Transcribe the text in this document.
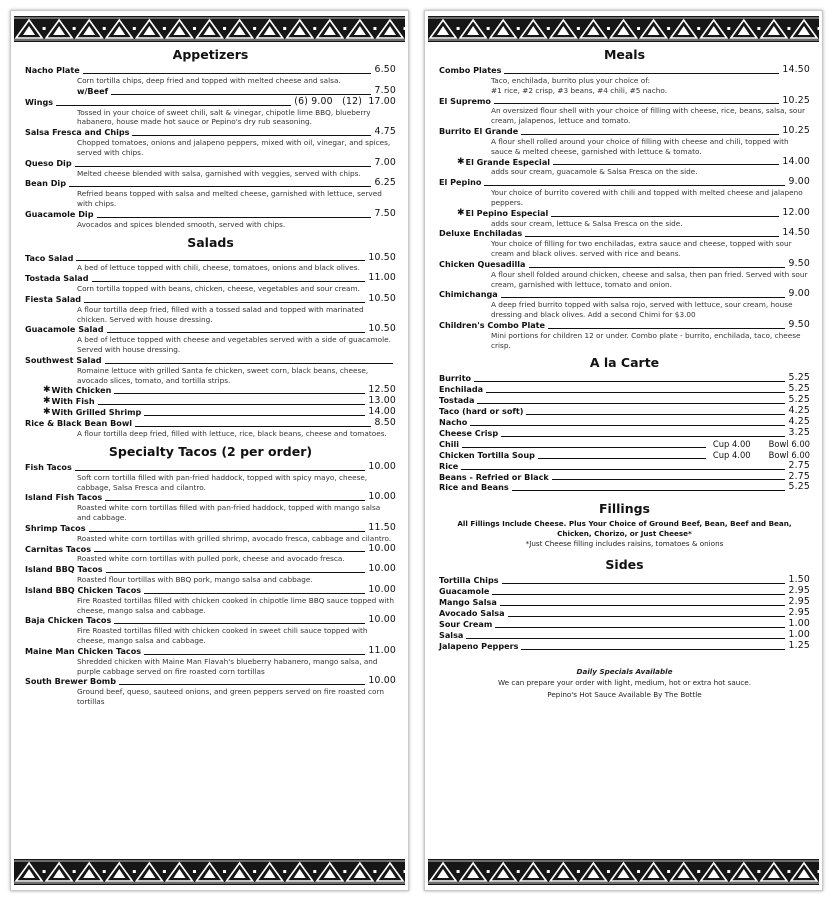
Appetizers
Nacho Plate	6.50
Corn tortilla chips, deep fried and topped with melted cheese and salsa.
w/Beef	7.50
Wings	(6) 9.00   (12)  17.00
Tossed in your choice of sweet chili, salt & vinegar, chipotle lime BBQ, blueberry habanero, house made hot sauce or Pepino's dry rub seasoning.
Salsa Fresca and Chips	4.75
Chopped tomatoes, onions and jalapeno peppers, mixed with oil, vinegar, and spices, served with chips.
Queso Dip	7.00
Melted cheese blended with salsa, garnished with veggies, served with chips.
Bean Dip	6.25
Refried beans topped with salsa and melted cheese, garnished with lettuce, served with chips.
Guacamole Dip	7.50
Avocados and spices blended smooth, served with chips.
Salads
Taco Salad	10.50
A bed of lettuce topped with chili, cheese, tomatoes, onions and black olives.
Tostada Salad	11.00
Corn tortilla topped with beans, chicken, cheese, vegetables and sour cream.
Fiesta Salad	10.50
A flour tortilla deep fried, filled with a tossed salad and topped with marinated chicken. Served with house dressing.
Guacamole Salad	10.50
A bed of lettuce topped with cheese and vegetables served with a side of guacamole. Served with house dressing.
Southwest Salad
Romaine lettuce with grilled Santa fe chicken, sweet corn, black beans, cheese, avocado slices, tomato, and tortilla strips.
✱ With Chicken	12.50
✱ With Fish	13.00
✱ With Grilled Shrimp	14.00
Rice & Black Bean Bowl	8.50
A flour tortilla deep fried, filled with lettuce, rice, black beans, cheese and tomatoes.
Specialty Tacos (2 per order)
Fish Tacos	10.00
Soft corn tortilla filled with pan-fried haddock, topped with spicy mayo, cheese, cabbage, Salsa Fresca and cilantro.
Island Fish Tacos	10.00
Roasted white corn tortillas filled with pan-fried haddock, topped with mango salsa and cabbage.
Shrimp Tacos	11.50
Roasted white corn tortillas with grilled shrimp, avocado fresca, cabbage and cilantro.
Carnitas Tacos	10.00
Roasted white corn tortillas with pulled pork, cheese and avocado fresca.
Island BBQ Tacos	10.00
Roasted flour tortillas with BBQ pork, mango salsa and cabbage.
Island BBQ Chicken Tacos	10.00
Fire Roasted tortillas filled with chicken cooked in chipotle lime BBQ sauce topped with cheese, mango salsa and cabbage.
Baja Chicken Tacos	10.00
Fire Roasted tortillas filled with chicken cooked in sweet chili sauce topped with cheese, mango salsa and cabbage.
Maine Man Chicken Tacos	11.00
Shredded chicken with Maine Man Flavah's blueberry habanero, mango salsa, and purple cabbage served on fire roasted corn tortillas
South Brewer Bomb	10.00
Ground beef, queso, sauteed onions, and green peppers served on fire roasted corn tortillas
Meals
Combo Plates	14.50
Taco, enchilada, burrito plus your choice of:
#1 rice, #2 crisp, #3 beans, #4 chili, #5 nacho.
El Supremo	10.25
An oversized flour shell with your choice of filling with cheese, rice, beans, salsa, sour cream, jalapenos, lettuce and tomato.
Burrito El Grande	10.25
A flour shell rolled around your choice of filling with cheese and chili, topped with sauce & melted cheese, garnished with lettuce & tomato.
✱ El Grande Especial	14.00
adds sour cream, guacamole & Salsa Fresca on the side.
El Pepino	9.00
Your choice of burrito covered with chili and topped with melted cheese and jalapeno peppers.
✱ El Pepino Especial	12.00
adds sour cream, lettuce & Salsa Fresca on the side.
Deluxe Enchiladas	14.50
Your choice of filling for two enchiladas, extra sauce and cheese, topped with sour cream and black olives. served with rice and beans.
Chicken Quesadilla	9.50
A flour shell folded around chicken, cheese and salsa, then pan fried. Served with sour cream, garnished with lettuce, tomato and onion.
Chimichanga	9.00
A deep fried burrito topped with salsa rojo, served with lettuce, sour cream, house dressing and black olives. Add a second Chimi for $3.00
Children's Combo Plate	9.50
Mini portions for children 12 or under. Combo plate - burrito, enchilada, taco, cheese crisp.
A la Carte
Burrito	5.25
Enchilada	5.25
Tostada	5.25
Taco (hard or soft)	4.25
Nacho	4.25
Cheese Crisp	3.25
Chili	Cup 4.00 Bowl 6.00
Chicken Tortilla Soup	Cup 4.00 Bowl 6.00
Rice	2.75
Beans - Refried or Black	2.75
Rice and Beans	5.25
Fillings
All Fillings Include Cheese. Plus Your Choice of Ground Beef, Bean, Beef and Bean, Chicken, Chorizo, or Just Cheese*
*Just Cheese filling includes raisins, tomatoes & onions
Sides
Tortilla Chips	1.50
Guacamole	2.95
Mango Salsa	2.95
Avocado Salsa	2.95
Sour Cream	1.00
Salsa	1.00
Jalapeno Peppers	1.25
Daily Specials Available
We can prepare your order with light, medium, hot or extra hot sauce.
Pepino's Hot Sauce Available By The Bottle
